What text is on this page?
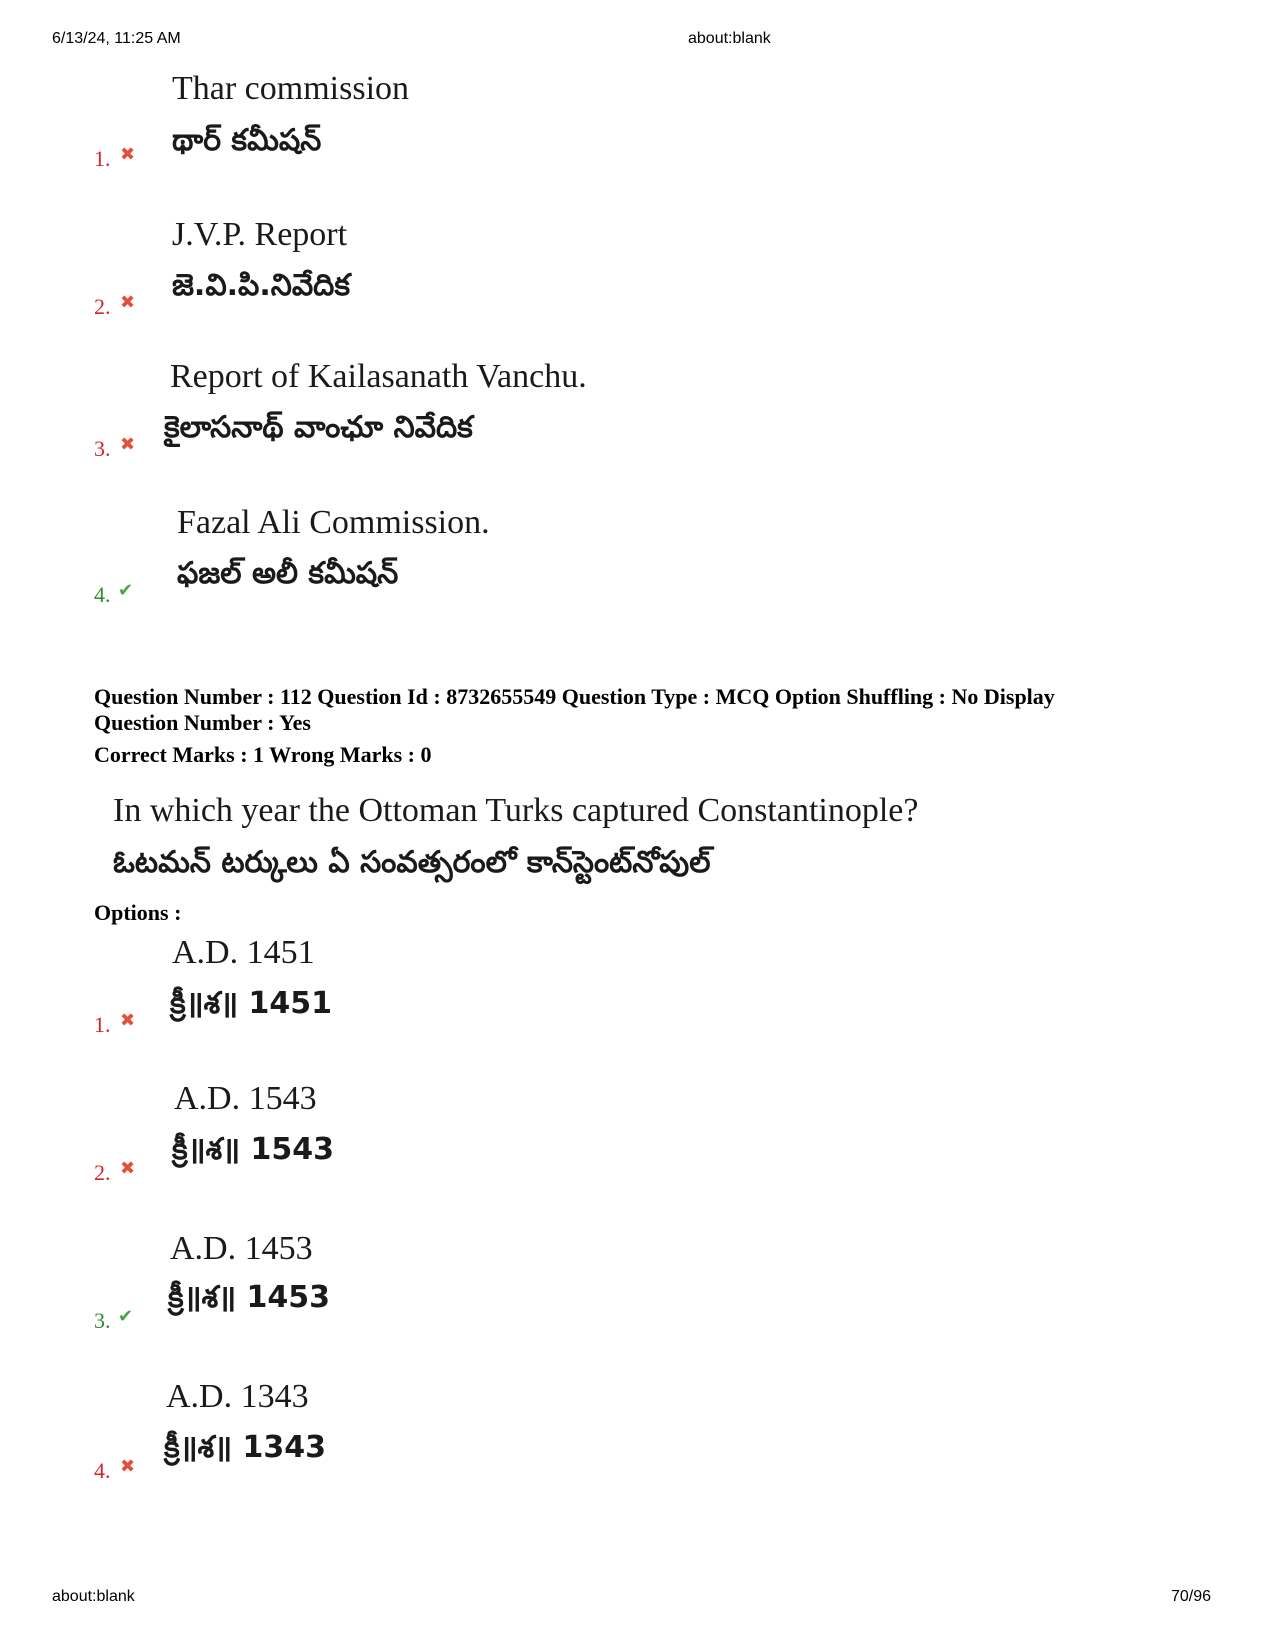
6/13/24, 11:25 AM	about:blank
Thar commission
థార్ కమీషన్
1. ✖
J.V.P. Report
జె.వి.పి.నివేదిక
2. ✖
Report of Kailasanath Vanchu.
కైలాసనాథ్ వాంఛూ నివేదిక
3. ✖
Fazal Ali Commission.
ఫజల్ అలీ కమీషన్
4. ✔
Question Number : 112 Question Id : 8732655549 Question Type : MCQ Option Shuffling : No Display
Question Number : Yes
Correct Marks : 1 Wrong Marks : 0
In which year the Ottoman Turks captured Constantinople?
ఓటమన్ టర్కులు ఏ సంవత్సరంలో కాన్‌స్టెంట్‌నోపుల్
Options :
A.D. 1451
క్రీ॥శ॥ 1451
1. ✖
A.D. 1543
క్రీ॥శ॥ 1543
2. ✖
A.D. 1453
క్రీ॥శ॥ 1453
3. ✔
A.D. 1343
క్రీ॥శ॥ 1343
4. ✖
about:blank	70/96
